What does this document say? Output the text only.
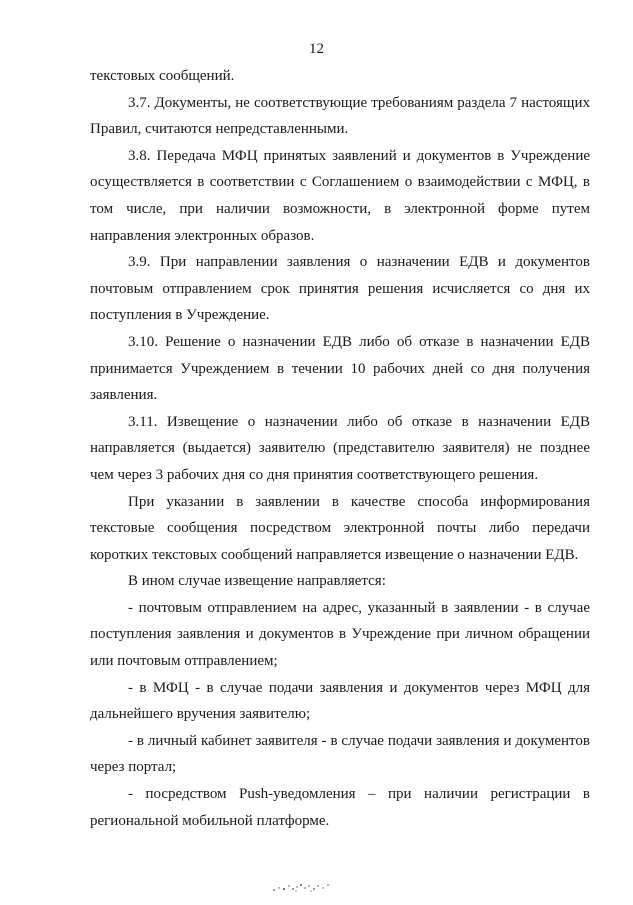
12

текстовых сообщений.

3.7. Документы, не соответствующие требованиям раздела 7 настоящих Правил, считаются непредставленными.

3.8. Передача МФЦ принятых заявлений и документов в Учреждение осуществляется в соответствии с Соглашением о взаимодействии с МФЦ, в том числе, при наличии возможности, в электронной форме путем направления электронных образов.

3.9. При направлении заявления о назначении ЕДВ и документов почтовым отправлением срок принятия решения исчисляется со дня их поступления в Учреждение.

3.10. Решение о назначении ЕДВ либо об отказе в назначении ЕДВ принимается Учреждением в течении 10 рабочих дней со дня получения заявления.

3.11. Извещение о назначении либо об отказе в назначении ЕДВ направляется (выдается) заявителю (представителю заявителя) не позднее чем через 3 рабочих дня со дня принятия соответствующего решения.

При указании в заявлении в качестве способа информирования текстовые сообщения посредством электронной почты либо передачи коротких текстовых сообщений направляется извещение о назначении ЕДВ.

В ином случае извещение направляется:

- почтовым отправлением на адрес, указанный в заявлении - в случае поступления заявления и документов в Учреждение при личном обращении или почтовым отправлением;

- в МФЦ - в случае подачи заявления и документов через МФЦ для дальнейшего вручения заявителю;

- в личный кабинет заявителя - в случае подачи заявления и документов через портал;

- посредством Push-уведомления – при наличии регистрации в региональной мобильной платформе.
